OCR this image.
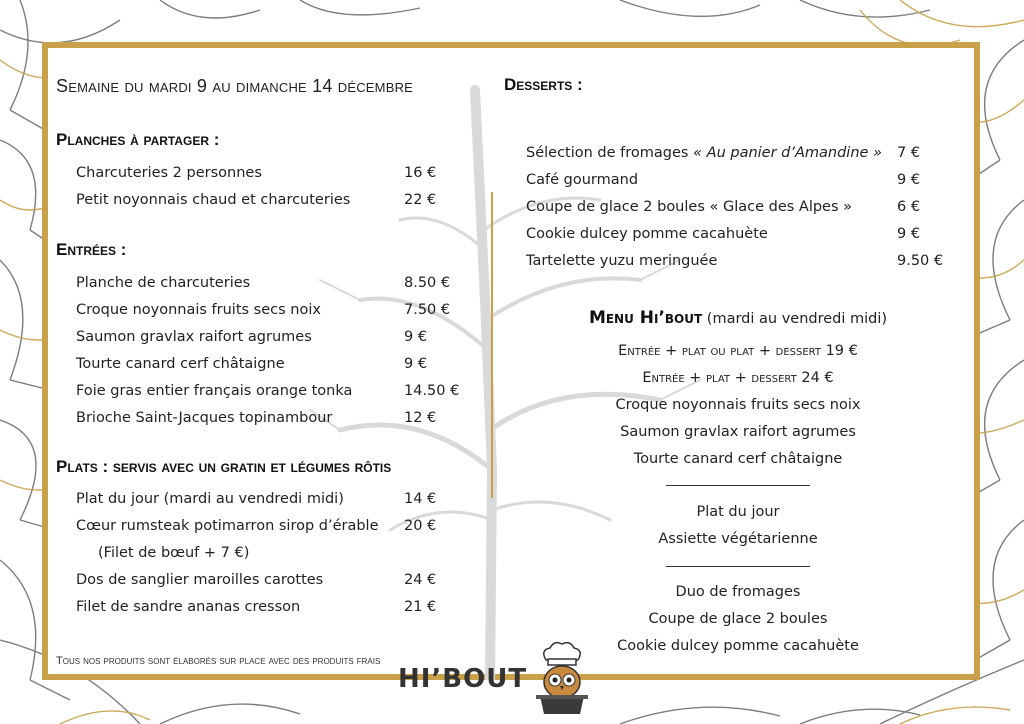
Semaine du mardi 9 au dimanche 14 décembre
Planches à partager :
Charcuteries 2 personnes	16 €
Petit noyonnais chaud et charcuteries	22 €
Entrées :
Planche de charcuteries	8.50 €
Croque noyonnais fruits secs noix	7.50 €
Saumon gravlax raifort agrumes	9 €
Tourte canard cerf châtaigne	9 €
Foie gras entier français orange tonka	14.50 €
Brioche Saint-Jacques topinambour	12 €
Plats : servis avec un gratin et légumes rôtis
Plat du jour (mardi au vendredi midi)	14 €
Cœur rumsteak potimarron sirop d’érable 20 €
(Filet de bœuf + 7 €)
Dos de sanglier maroilles carottes	24 €
Filet de sandre ananas cresson	21 €
Desserts :
Sélection de fromages « Au panier d’Amandine » 7 €
Café gourmand	9 €
Coupe de glace 2 boules « Glace des Alpes »	6 €
Cookie dulcey pomme cacahuète	9 €
Tartelette yuzu meringuée	9.50 €
Menu Hi’bout (mardi au vendredi midi)
Entrée + plat ou plat + dessert 19 €
Entrée + plat + dessert 24 €
Croque noyonnais fruits secs noix
Saumon gravlax raifort agrumes
Tourte canard cerf châtaigne
Plat du jour
Assiette végétarienne
Duo de fromages
Coupe de glace 2 boules
Cookie dulcey pomme cacahuète
Tous nos produits sont élaborés sur place avec des produits frais
HI’BOUT
